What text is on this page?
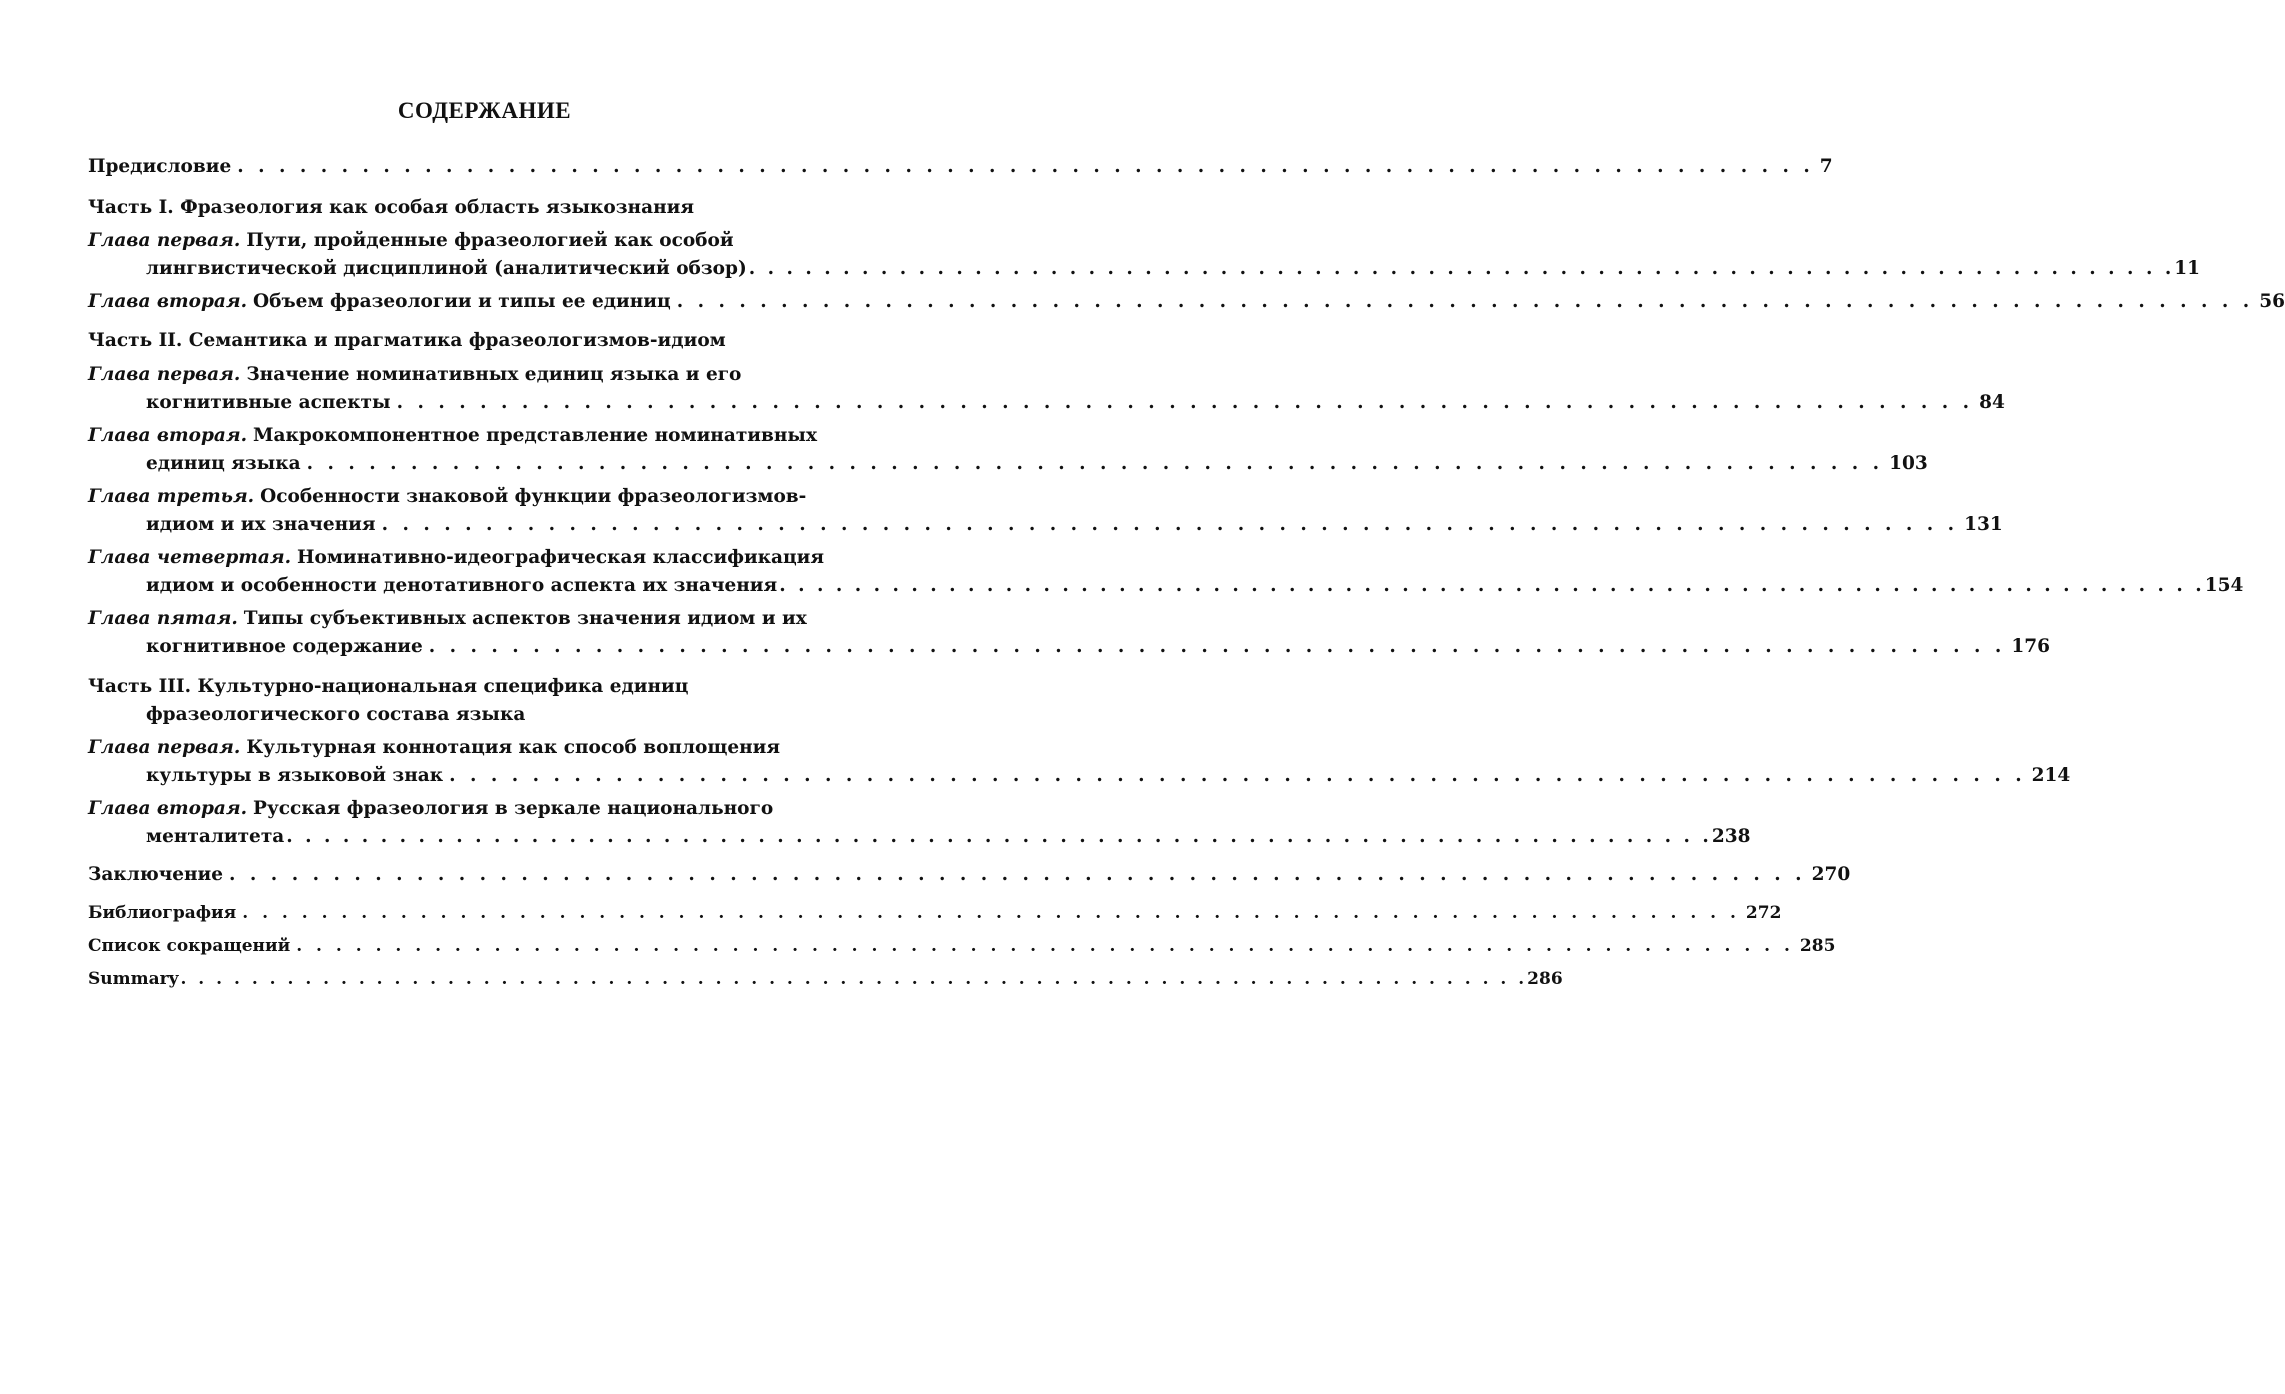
СОДЕРЖАНИЕ
Предисловие . . . . . . . . . . . . . . . . . . . . . . . . . . . . . . . . . . . . . . . . . . . . . . . . . . . . . . . . . . . . . . . . . . . . . . . . . . . . 7
Часть I. Фразеология как особая область языкознания
Глава первая. Пути, пройденные фразеологией как особой
лингвистической дисциплиной (аналитический обзор) . . . . . . . . . . . . . . . . . . . . . . . . . . . . . . . . . . . . . . . . . . . . . . . . . . . . . . . . . . . . . . . . . . . . . . . . . . . . 11
Глава вторая. Объем фразеологии и типы ее единиц . . . . . . . . . . . . . . . . . . . . . . . . . . . . . . . . . . . . . . . . . . . . . . . . . . . . . . . . . . . . . . . . . . . . . . . . . . . . 56
Часть II. Семантика и прагматика фразеологизмов-идиом
Глава первая. Значение номинативных единиц языка и его
когнитивные аспекты . . . . . . . . . . . . . . . . . . . . . . . . . . . . . . . . . . . . . . . . . . . . . . . . . . . . . . . . . . . . . . . . . . . . . . . . . . . . 84
Глава вторая. Макрокомпонентное представление номинативных
единиц языка . . . . . . . . . . . . . . . . . . . . . . . . . . . . . . . . . . . . . . . . . . . . . . . . . . . . . . . . . . . . . . . . . . . . . . . . . . . . 103
Глава третья. Особенности знаковой функции фразеологизмов-
идиом и их значения . . . . . . . . . . . . . . . . . . . . . . . . . . . . . . . . . . . . . . . . . . . . . . . . . . . . . . . . . . . . . . . . . . . . . . . . . . . . 131
Глава четвертая. Номинативно-идеографическая классификация
идиом и особенности денотативного аспекта их значения . . . . . . . . . . . . . . . . . . . . . . . . . . . . . . . . . . . . . . . . . . . . . . . . . . . . . . . . . . . . . . . . . . . . . . . . . . . . 154
Глава пятая. Типы субъективных аспектов значения идиом и их
когнитивное содержание . . . . . . . . . . . . . . . . . . . . . . . . . . . . . . . . . . . . . . . . . . . . . . . . . . . . . . . . . . . . . . . . . . . . . . . . . . . . 176
Часть III. Культурно-национальная специфика единиц
фразеологического состава языка
Глава первая. Культурная коннотация как способ воплощения
культуры в языковой знак . . . . . . . . . . . . . . . . . . . . . . . . . . . . . . . . . . . . . . . . . . . . . . . . . . . . . . . . . . . . . . . . . . . . . . . . . . . . 214
Глава вторая. Русская фразеология в зеркале национального
менталитета . . . . . . . . . . . . . . . . . . . . . . . . . . . . . . . . . . . . . . . . . . . . . . . . . . . . . . . . . . . . . . . . . . . . . . . . . . . . 238
Заключение . . . . . . . . . . . . . . . . . . . . . . . . . . . . . . . . . . . . . . . . . . . . . . . . . . . . . . . . . . . . . . . . . . . . . . . . . . . . 270
Библиография . . . . . . . . . . . . . . . . . . . . . . . . . . . . . . . . . . . . . . . . . . . . . . . . . . . . . . . . . . . . . . . . . . . . . . . . . . . . 272
Список сокращений . . . . . . . . . . . . . . . . . . . . . . . . . . . . . . . . . . . . . . . . . . . . . . . . . . . . . . . . . . . . . . . . . . . . . . . . . . . . 285
Summary . . . . . . . . . . . . . . . . . . . . . . . . . . . . . . . . . . . . . . . . . . . . . . . . . . . . . . . . . . . . . . . . . . . . . . . . . . . . 286
